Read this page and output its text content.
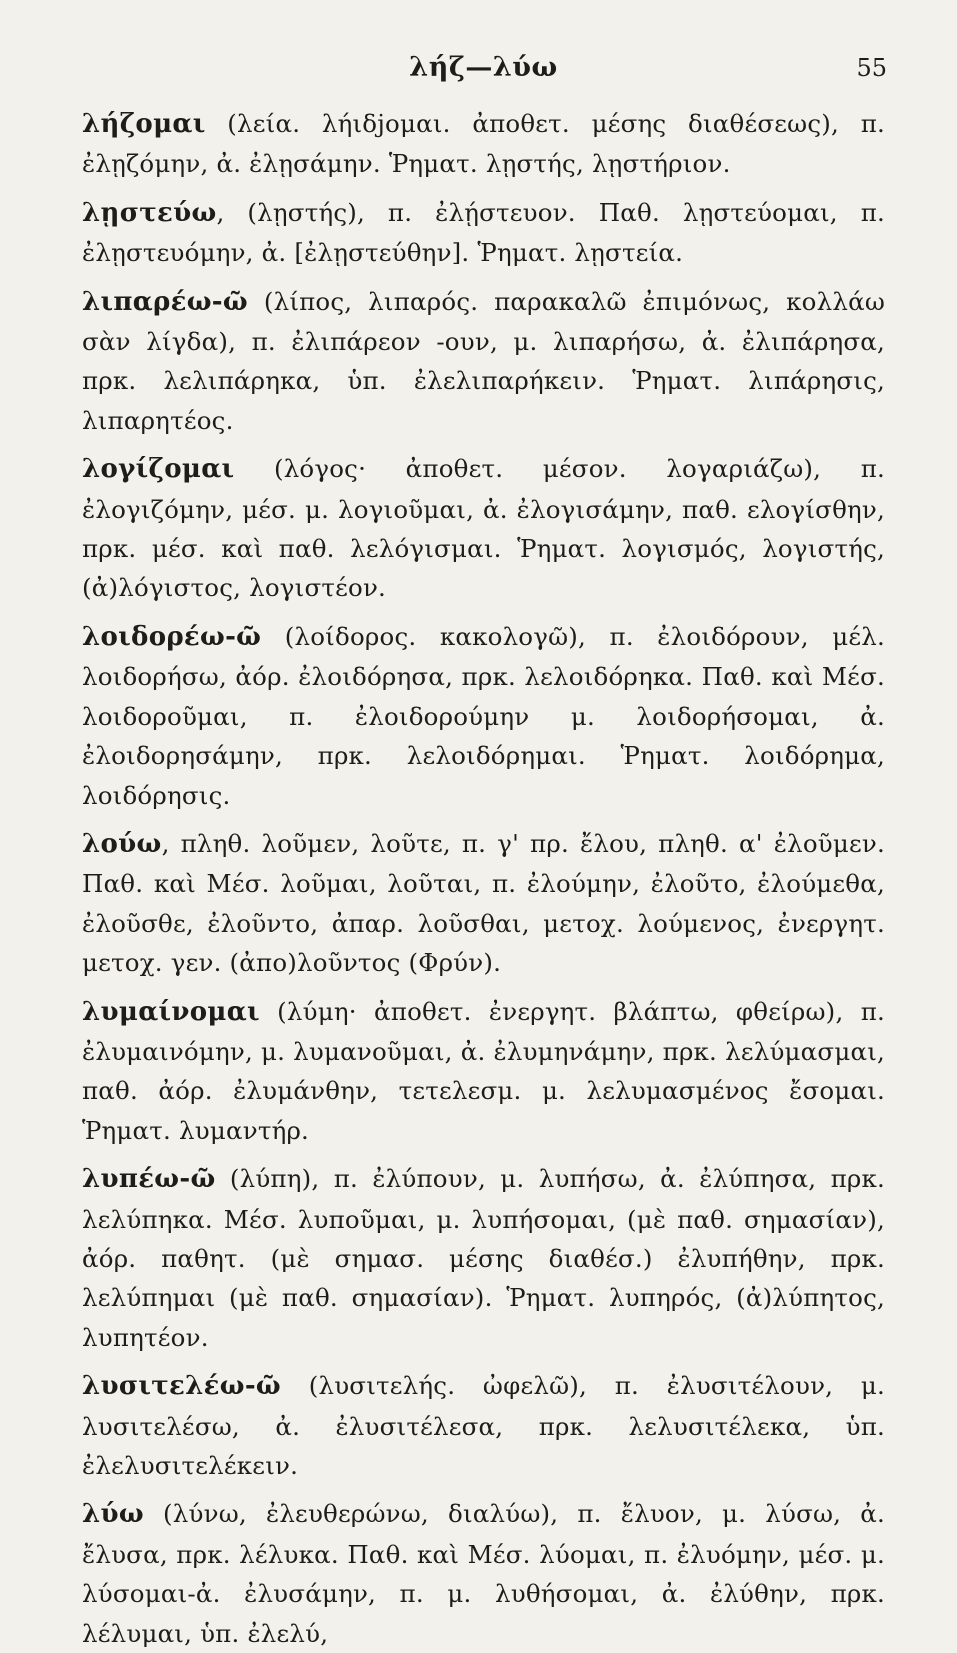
λήζ—λύω	55

λήζομαι (λεία. λήιδjομαι. ἀποθετ. μέσης διαθέσεως), π. ἐλῃζόμην, ἀ. ἐλῃσάμην. Ῥηματ. λῃστής, λῃστήριον.

λῃστεύω, (λῃστής), π. ἐλῄστευον. Παθ. λῃστεύομαι, π. ἐλῃστευόμην, ἀ. [ἐλῃστεύθην]. Ῥηματ. λῃστεία.

λιπαρέω-ῶ (λίπος, λιπαρός. παρακαλῶ ἐπιμόνως, κολλάω σὰν λίγδα), π. ἐλιπάρεον -ουν, μ. λιπαρήσω, ἀ. ἐλιπάρησα, πρκ. λελιπάρηκα, ὑπ. ἐλελιπαρήκειν. Ῥηματ. λιπάρησις, λιπαρητέος.

λογίζομαι (λόγος· ἀποθετ. μέσον. λογαριάζω), π. ἐλογιζόμην, μέσ. μ. λογιοῦμαι, ἀ. ἐλογισάμην, παθ. ελογίσθην, πρκ. μέσ. καὶ παθ. λελόγισμαι. Ῥηματ. λογισμός, λογιστής, (ἀ)λόγιστος, λογιστέον.

λοιδορέω-ῶ (λοίδορος. κακολογῶ), π. ἐλοιδόρουν, μέλ. λοιδορήσω, ἀόρ. ἐλοιδόρησα, πρκ. λελοιδόρηκα. Παθ. καὶ Μέσ. λοιδοροῦμαι, π. ἐλοιδορούμην μ. λοιδορήσομαι, ἀ. ἐλοιδορησάμην, πρκ. λελοιδόρημαι. Ῥηματ. λοιδόρημα, λοιδόρησις.

λούω, πληθ. λοῦμεν, λοῦτε, π. γ' πρ. ἔλου, πληθ. α' ἐλοῦμεν. Παθ. καὶ Μέσ. λοῦμαι, λοῦται, π. ἐλούμην, ἐλοῦτο, ἐλούμεθα, ἐλοῦσθε, ἐλοῦντο, ἀπαρ. λοῦσθαι, μετοχ. λούμενος, ἐνεργητ. μετοχ. γεν. (ἀπο)λοῦντος (Φρύν).

λυμαίνομαι (λύμη· ἀποθετ. ἐνεργητ. βλάπτω, φθείρω), π. ἐλυμαινόμην, μ. λυμανοῦμαι, ἀ. ἐλυμηνάμην, πρκ. λελύμασμαι, παθ. ἀόρ. ἐλυμάνθην, τετελεσμ. μ. λελυμασμένος ἔσομαι. Ῥηματ. λυμαντήρ.

λυπέω-ῶ (λύπη), π. ἐλύπουν, μ. λυπήσω, ἀ. ἐλύπησα, πρκ. λελύπηκα. Μέσ. λυποῦμαι, μ. λυπήσομαι, (μὲ παθ. σημασίαν), ἀόρ. παθητ. (μὲ σημασ. μέσης διαθέσ.) ἐλυπήθην, πρκ. λελύπημαι (μὲ παθ. σημασίαν). Ῥηματ. λυπηρός, (ἀ)λύπητος, λυπητέον.

λυσιτελέω-ῶ (λυσιτελής. ὠφελῶ), π. ἐλυσιτέλουν, μ. λυσιτελέσω, ἀ. ἐλυσιτέλεσα, πρκ. λελυσιτέλεκα, ὑπ. ἐλελυσιτελέκειν.

λύω (λύνω, ἐλευθερώνω, διαλύω), π. ἔλυον, μ. λύσω, ἀ. ἔλυσα, πρκ. λέλυκα. Παθ. καὶ Μέσ. λύομαι, π. ἐλυόμην, μέσ. μ. λύσομαι-ἀ. ἐλυσάμην, π. μ. λυθήσομαι, ἀ. ἐλύθην, πρκ. λέλυμαι, ὑπ. ἐλελύ,
